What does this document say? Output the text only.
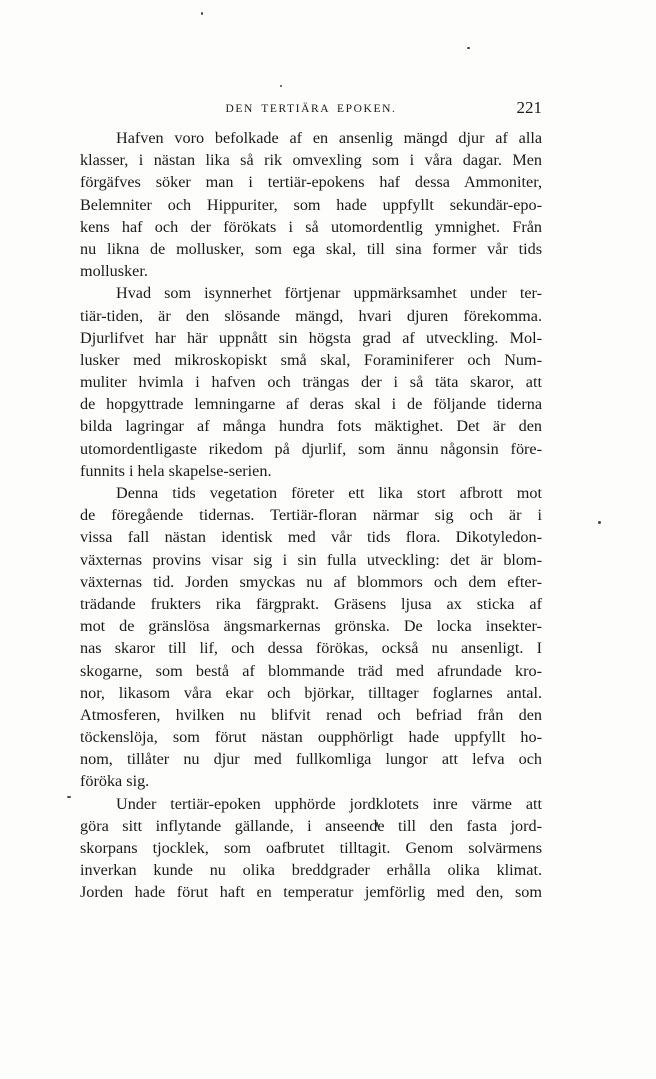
DEN TERTIÄRA EPOKEN.	221
Hafven voro befolkade af en ansenlig mängd djur af alla
klasser, i nästan lika så rik omvexling som i våra dagar. Men
förgäfves söker man i tertiär-epokens haf dessa Ammoniter,
Belemniter och Hippuriter, som hade uppfyllt sekundär-epo-
kens haf och der förökats i så utomordentlig ymnighet. Från
nu likna de mollusker, som ega skal, till sina former vår tids
mollusker.
Hvad som isynnerhet förtjenar uppmärksamhet under ter-
tiär-tiden, är den slösande mängd, hvari djuren förekomma.
Djurlifvet har här uppnått sin högsta grad af utveckling. Mol-
lusker med mikroskopiskt små skal, Foraminiferer och Num-
muliter hvimla i hafven och trängas der i så täta skaror, att
de hopgyttrade lemningarne af deras skal i de följande tiderna
bilda lagringar af många hundra fots mäktighet. Det är den
utomordentligaste rikedom på djurlif, som ännu någonsin före-
funnits i hela skapelse-serien.
Denna tids vegetation företer ett lika stort afbrott mot
de föregående tidernas. Tertiär-floran närmar sig och är i
vissa fall nästan identisk med vår tids flora. Dikotyledon-
växternas provins visar sig i sin fulla utveckling: det är blom-
växternas tid. Jorden smyckas nu af blommors och dem efter-
trädande frukters rika färgprakt. Gräsens ljusa ax sticka af
mot de gränslösa ängsmarkernas grönska. De locka insekter-
nas skaror till lif, och dessa förökas, också nu ansenligt. I
skogarne, som bestå af blommande träd med afrundade kro-
nor, likasom våra ekar och björkar, tilltager foglarnes antal.
Atmosferen, hvilken nu blifvit renad och befriad från den
töckenslöja, som förut nästan oupphörligt hade uppfyllt ho-
nom, tillåter nu djur med fullkomliga lungor att lefva och
föröka sig.
Under tertiär-epoken upphörde jordklotets inre värme att
göra sitt inflytande gällande, i anseende till den fasta jord-
skorpans tjocklek, som oafbrutet tilltagit. Genom solvärmens
inverkan kunde nu olika breddgrader erhålla olika klimat.
Jorden hade förut haft en temperatur jemförlig med den, som
